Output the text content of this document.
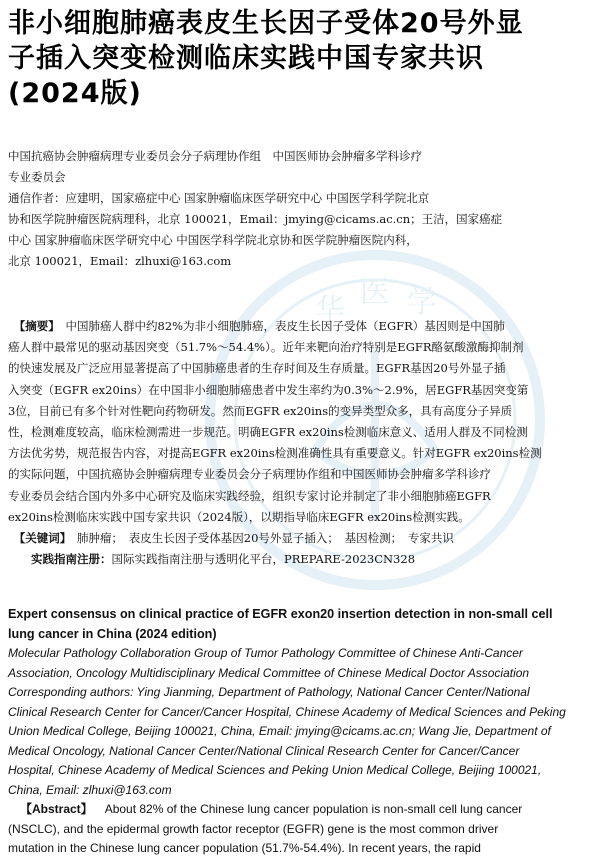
华
医 学
非小细胞肺癌表皮生长因子受体20号外显
子插入突变检测临床实践中国专家共识
(2024版)
中国抗癌协会肿瘤病理专业委员会分子病理协作组　中国医师协会肿瘤多学科诊疗
专业委员会
通信作者：应建明，国家癌症中心 国家肿瘤临床医学研究中心 中国医学科学院北京
协和医学院肿瘤医院病理科，北京 100021，Email：jmying@cicams.ac.cn；王洁，国家癌症
中心 国家肿瘤临床医学研究中心 中国医学科学院北京协和医学院肿瘤医院内科，
北京 100021，Email：zlhuxi@163.com
　【摘要】　 中国肺癌人群中约82%为非小细胞肺癌，表皮生长因子受体（EGFR）基因则是中国肺
癌人群中最常见的驱动基因突变（51.7%～54.4%）。近年来靶向治疗特别是EGFR酪氨酸激酶抑制剂
的快速发展及广泛应用显著提高了中国肺癌患者的生存时间及生存质量。EGFR基因20号外显子插
入突变（EGFR ex20ins）在中国非小细胞肺癌患者中发生率约为0.3%～2.9%，居EGFR基因突变第
3位，目前已有多个针对性靶向药物研发。然而EGFR ex20ins的变异类型众多，具有高度分子异质
性，检测难度较高，临床检测需进一步规范。明确EGFR ex20ins检测临床意义、适用人群及不同检测
方法优劣势，规范报告内容，对提高EGFR ex20ins检测准确性具有重要意义。针对EGFR ex20ins检测
的实际问题，中国抗癌协会肿瘤病理专业委员会分子病理协作组和中国医师协会肿瘤多学科诊疗
专业委员会结合国内外多中心研究及临床实践经验，组织专家讨论并制定了非小细胞肺癌EGFR
ex20ins检测临床实践中国专家共识（2024版），以期指导临床EGFR ex20ins检测实践。
　【关键词】　 肺肿瘤；　表皮生长因子受体基因20号外显子插入；　基因检测；　专家共识
　　实践指南注册：国际实践指南注册与透明化平台，PREPARE-2023CN328
Expert consensus on clinical practice of EGFR exon20 insertion detection in non-small cell
lung cancer in China (2024 edition)
Molecular Pathology Collaboration Group of Tumor Pathology Committee of Chinese Anti-Cancer
Association, Oncology Multidisciplinary Medical Committee of Chinese Medical Doctor Association
Corresponding authors: Ying Jianming, Department of Pathology, National Cancer Center/National
Clinical Research Center for Cancer/Cancer Hospital, Chinese Academy of Medical Sciences and Peking
Union Medical College, Beijing 100021, China, Email: jmying@cicams.ac.cn; Wang Jie, Department of
Medical Oncology, National Cancer Center/National Clinical Research Center for Cancer/Cancer
Hospital, Chinese Academy of Medical Sciences and Peking Union Medical College, Beijing 100021,
China, Email: zlhuxi@163.com
  【Abstract】   About 82% of the Chinese lung cancer population is non-small cell lung cancer
(NSCLC), and the epidermal growth factor receptor (EGFR) gene is the most common driver
mutation in the Chinese lung cancer population (51.7%-54.4%). In recent years, the rapid
